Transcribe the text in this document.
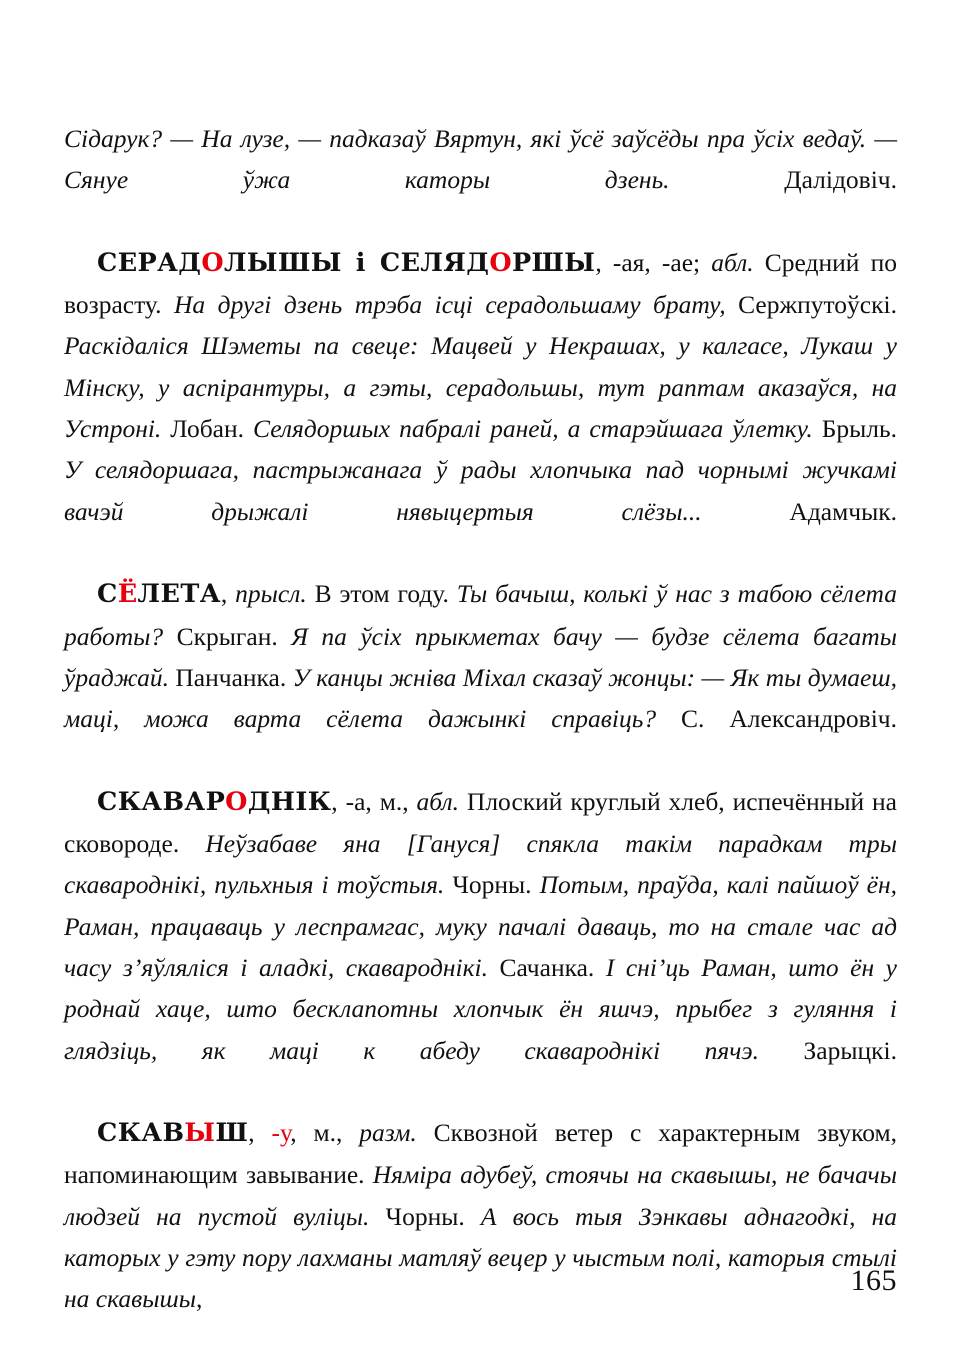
Сідарук? — На лузе, — падказаў Вяртун, які ўсё заўсёды пра ўсіх ведаў. — Сянуе ўжа каторы дзень. Далідовіч.

СЕРАДОЛЫШЫ і СЕЛЯДОРШЫ, -ая, -ае; абл. Средний по возрасту. На другі дзень трэба ісці серадольшаму брату, Сержпутоўскі. Раскідаліся Шэметы па свеце: Мацвей у Некрашах, у калгасе, Лукаш у Мінску, у аспірантуры, а гэты, серадольшы, тут раптам аказаўся, на Устроні. Лобан. Селядоршых пабралі раней, а старэйшага ўлетку. Брыль. У селядоршага, пастрыжанага ў рады хлопчыка пад чорнымі жучкамі вачэй дрыжалі нявыцертыя слёзы... Адамчык.

СЁЛЕТА, прысл. В этом году. Ты бачыш, колькі ў нас з табою сёлета работы? Скрыган. Я па ўсіх прыкметах бачу — будзе сёлета багаты ўраджай. Панчанка. У канцы жніва Міхал сказаў жонцы: — Як ты думаеш, маці, можа варта сёлета дажынкі справіць? С. Александровіч.

СКАВАРОДНІК, -а, м., абл. Плоский круглый хлеб, испечённый на сковороде. Неўзабаве яна [Гануся] спякла такім парадкам тры скавароднікі, пульхныя і тоўстыя. Чорны. Потым, праўда, калі пайшоў ён, Раман, працаваць у леспрамгас, муку пачалі даваць, то на стале час ад часу з’яўляліся і аладкі, скавароднікі. Сачанка. І сні’ць Раман, што ён у роднай хаце, што бесклапотны хлопчык ён яшчэ, прыбег з гуляння і глядзіць, як маці к абеду скавароднікі пячэ. Зарыцкі.

СКАВЫШ, -у, м., разм. Сквозной ветер с характерным звуком, напоминающим завывание. Няміра адубеў, стоячы на скавышы, не бачачы людзей на пустой вуліцы. Чорны. А вось тыя Зэнкавы аднагодкі, на каторых у гэту пору лахманы матляў вецер у чыстым полі, каторыя стылі на скавышы,

165
